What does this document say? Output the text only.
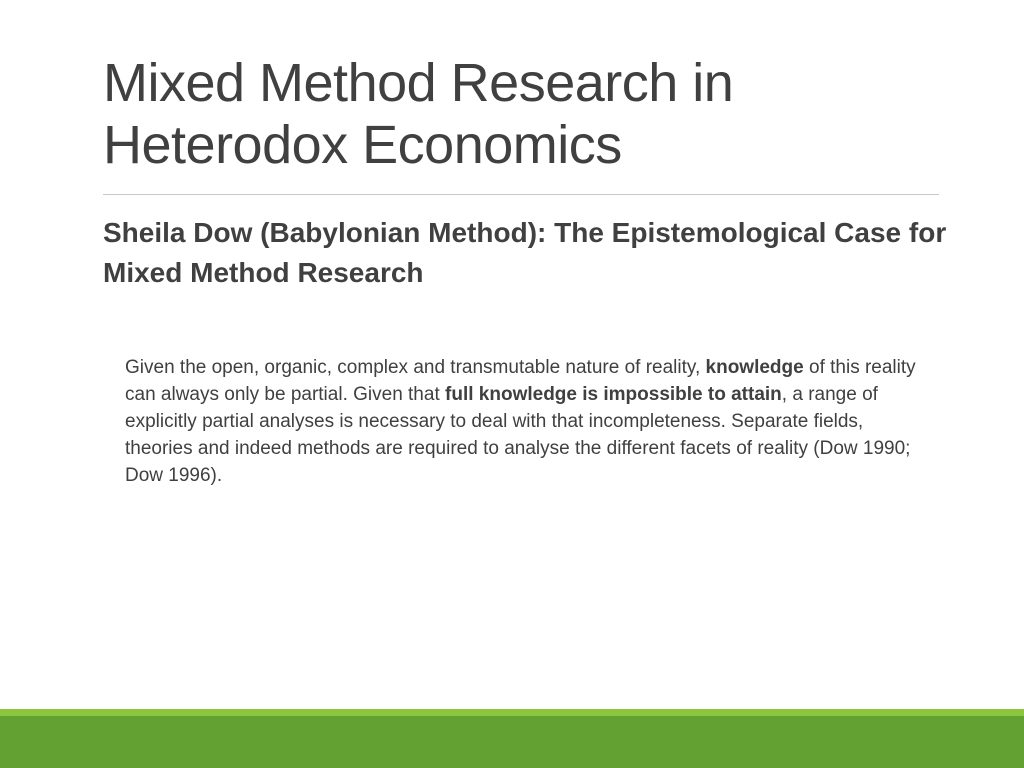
Mixed Method Research in Heterodox Economics
Sheila Dow (Babylonian Method): The Epistemological Case for Mixed Method Research

Given the open, organic, complex and transmutable nature of reality, knowledge of this reality can always only be partial. Given that full knowledge is impossible to attain, a range of explicitly partial analyses is necessary to deal with that incompleteness. Separate fields, theories and indeed methods are required to analyse the different facets of reality (Dow 1990; Dow 1996).
